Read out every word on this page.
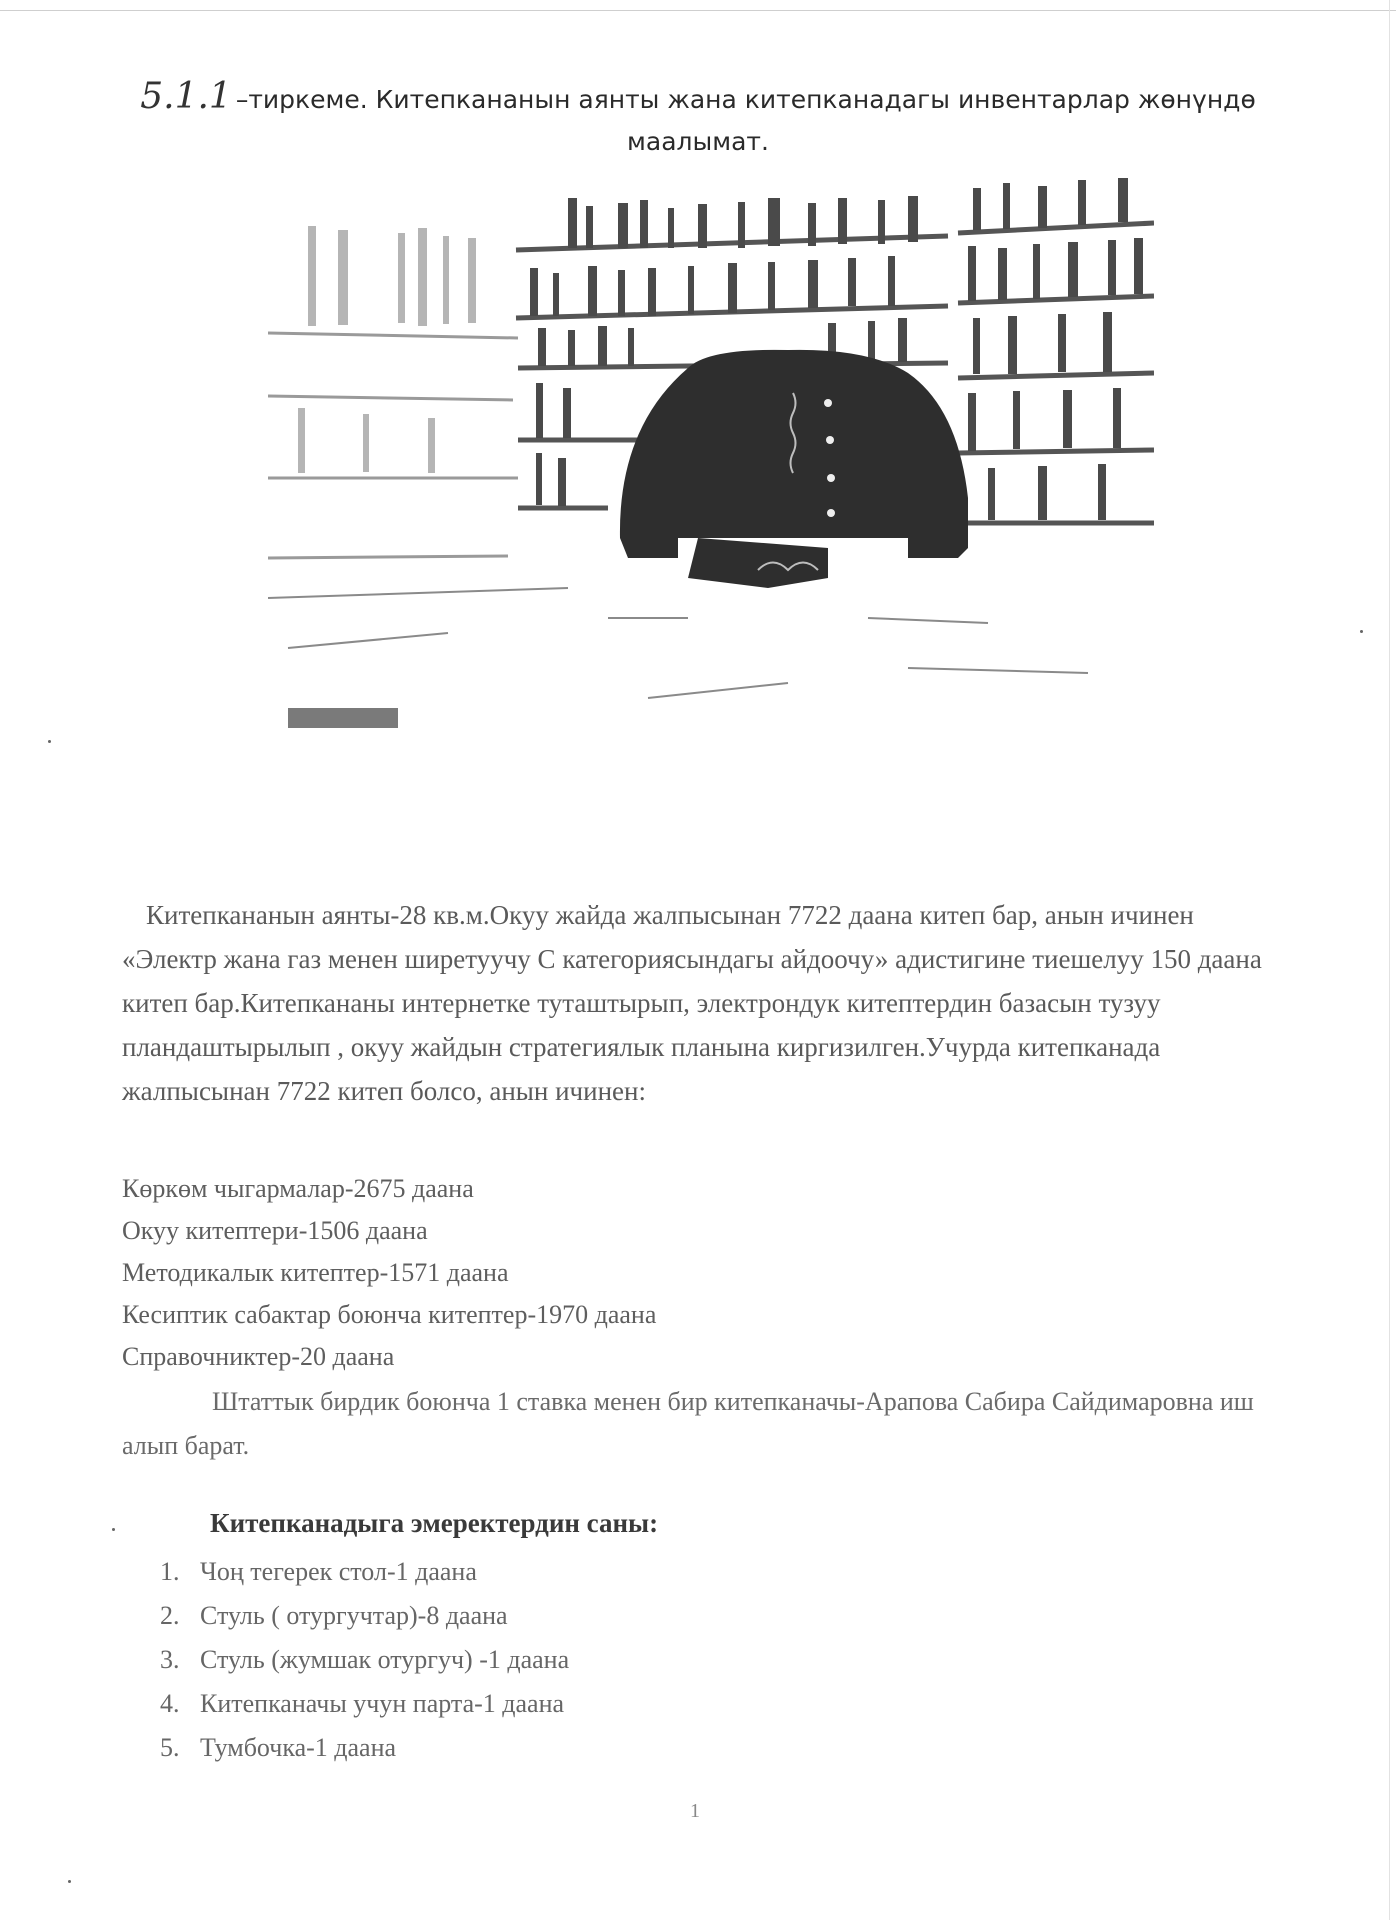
5.1.1 –тиркеме. Китепкананын аянты жана китепканадагы инвентарлар жөнүндө
маалымат.

Китепкананын аянты-28 кв.м.Окуу жайда жалпысынан 7722 даана китеп бар, анын ичинен «Электр жана газ менен ширетуучу С категориясындагы айдоочу» адистигине тиешелуу 150 даана китеп бар.Китепкананы интернетке туташтырып, электрондук китептердин базасын тузуу пландаштырылып , окуу жайдын стратегиялык планына киргизилген.Учурда китепканада жалпысынан 7722 китеп болсо, анын ичинен:

Көркөм чыгармалар-2675 даана
Окуу китептери-1506 даана
Методикалык китептер-1571 даана
Кесиптик сабактар боюнча китептер-1970 даана
Справочниктер-20 даана

Штаттык бирдик боюнча 1 ставка менен бир китепканачы-Арапова Сабира Сайдимаровна иш алып барат.

Китепканадыга эмеректердин саны:
1. Чоң тегерек стол-1 даана
2. Стуль ( отургучтар)-8 даана
3. Стуль (жумшак отургуч) -1 даана
4. Китепканачы учун парта-1 даана
5. Тумбочка-1 даана
1
